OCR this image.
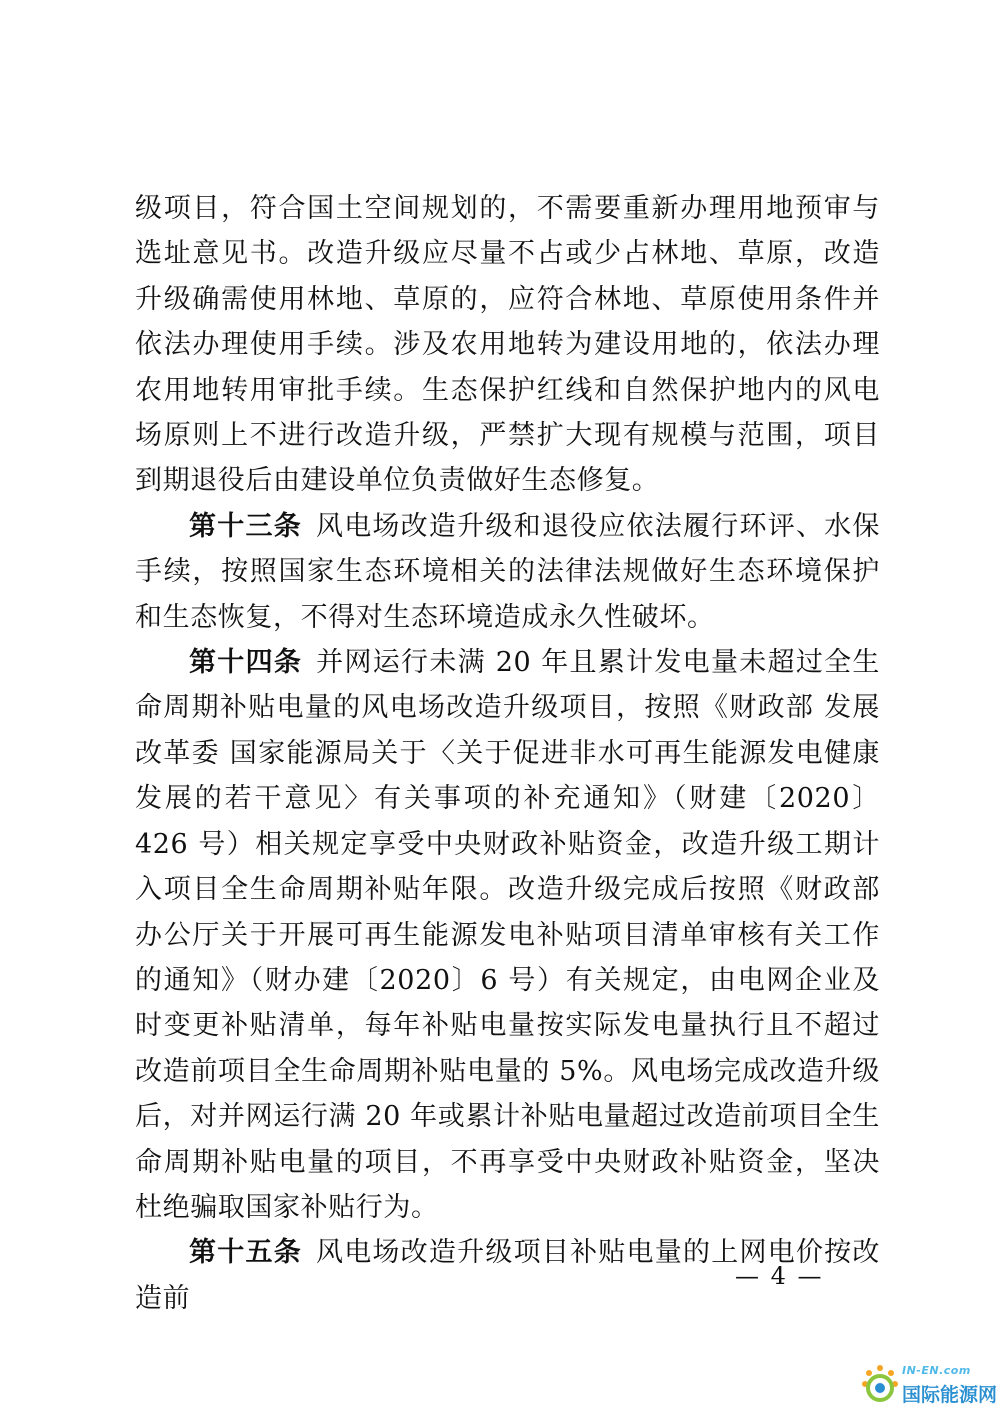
级项目，符合国土空间规划的，不需要重新办理用地预审与选址意见书。改造升级应尽量不占或少占林地、草原，改造升级确需使用林地、草原的，应符合林地、草原使用条件并依法办理使用手续。涉及农用地转为建设用地的，依法办理农用地转用审批手续。生态保护红线和自然保护地内的风电场原则上不进行改造升级，严禁扩大现有规模与范围，项目到期退役后由建设单位负责做好生态修复。

第十三条 风电场改造升级和退役应依法履行环评、水保手续，按照国家生态环境相关的法律法规做好生态环境保护和生态恢复，不得对生态环境造成永久性破坏。

第十四条 并网运行未满 20 年且累计发电量未超过全生命周期补贴电量的风电场改造升级项目，按照《财政部 发展改革委 国家能源局关于〈关于促进非水可再生能源发电健康发展的若干意见〉有关事项的补充通知》（财建〔2020〕426 号）相关规定享受中央财政补贴资金，改造升级工期计入项目全生命周期补贴年限。改造升级完成后按照《财政部办公厅关于开展可再生能源发电补贴项目清单审核有关工作的通知》（财办建〔2020〕6 号）有关规定，由电网企业及时变更补贴清单，每年补贴电量按实际发电量执行且不超过改造前项目全生命周期补贴电量的 5%。风电场完成改造升级后，对并网运行满 20 年或累计补贴电量超过改造前项目全生命周期补贴电量的项目，不再享受中央财政补贴资金，坚决杜绝骗取国家补贴行为。

第十五条 风电场改造升级项目补贴电量的上网电价按改造前

— 4 —
IN-EN.com
国际能源网
